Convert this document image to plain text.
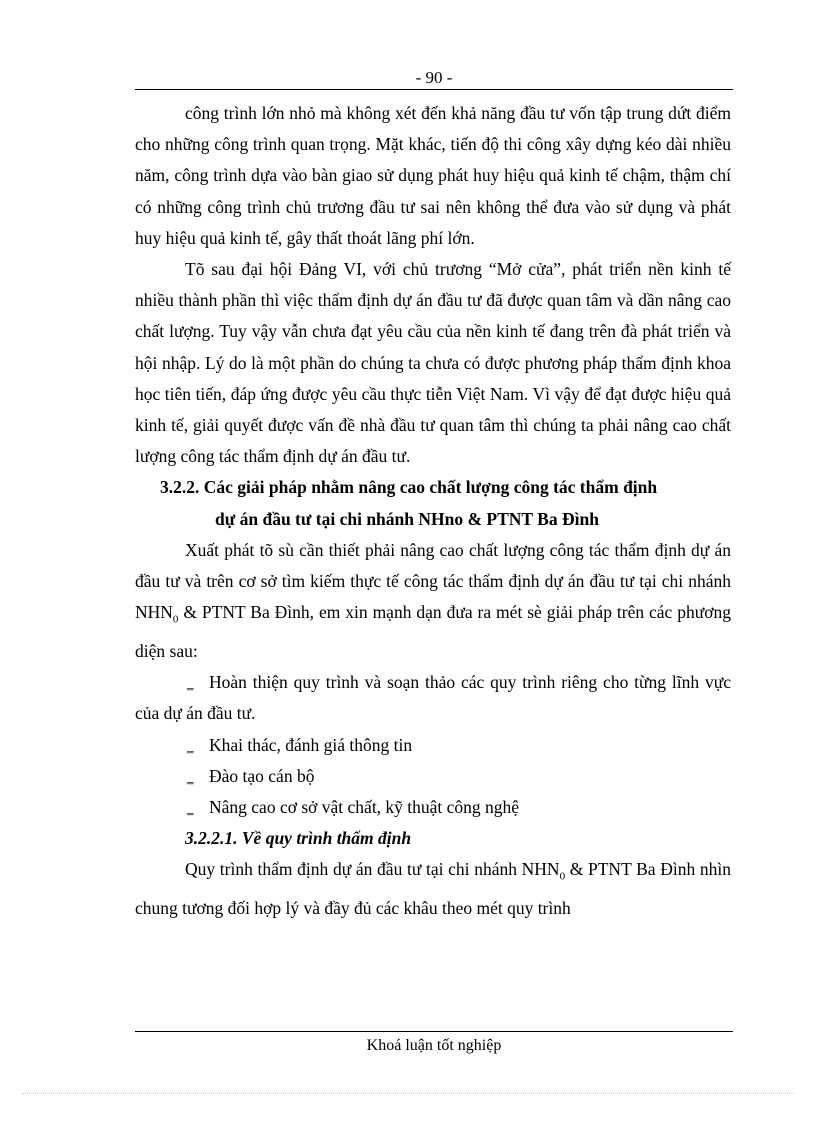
- 90 -

công trình lớn nhỏ mà không xét đến khả năng đầu tư vốn tập trung dứt điểm cho những công trình quan trọng. Mặt khác, tiến độ thi công xây dựng kéo dài nhiều năm, công trình dựa vào bàn giao sử dụng phát huy hiệu quả kinh tế chậm, thậm chí có những công trình chủ trương đầu tư sai nên không thể đưa vào sử dụng và phát huy hiệu quả kinh tế, gây thất thoát lãng phí lớn.

Tõ sau đại hội Đảng VI, với chủ trương “Mở cửa”, phát triển nền kinh tế nhiều thành phần thì việc thẩm định dự án đầu tư đã được quan tâm và dần nâng cao chất lượng. Tuy vậy vẫn chưa đạt yêu cầu của nền kinh tế đang trên đà phát triển và hội nhập. Lý do là một phần do chúng ta chưa có được phương pháp thẩm định khoa học tiên tiến, đáp ứng được yêu cầu thực tiễn Việt Nam. Vì vậy để đạt được hiệu quả kinh tế, giải quyết được vấn đề nhà đầu tư quan tâm thì chúng ta phải nâng cao chất lượng công tác thẩm định dự án đầu tư.

3.2.2. Các giải pháp nhằm nâng cao chất lượng công tác thẩm định
dự án đầu tư tại chi nhánh NHno & PTNT Ba Đình

Xuất phát tõ sù cần thiết phải nâng cao chất lượng công tác thẩm định dự án đầu tư và trên cơ sở tìm kiếm thực tế công tác thẩm định dự án đầu tư tại chi nhánh $NHN_0$ & PTNT Ba Đình, em xin mạnh dạn đưa ra mét sè giải pháp trên các phương diện sau:

‗ Hoàn thiện quy trình và soạn thảo các quy trình riêng cho từng lĩnh vực của dự án đầu tư.

‗ Khai thác, đánh giá thông tin

‗ Đào tạo cán bộ

‗ Nâng cao cơ sở vật chất, kỹ thuật công nghệ

3.2.2.1. Về quy trình thẩm định

Quy trình thẩm định dự án đầu tư tại chi nhánh $NHN_0$ & PTNT Ba Đình nhìn chung tương đối hợp lý và đầy đủ các khâu theo mét quy trình

Khoá luận tốt nghiệp
